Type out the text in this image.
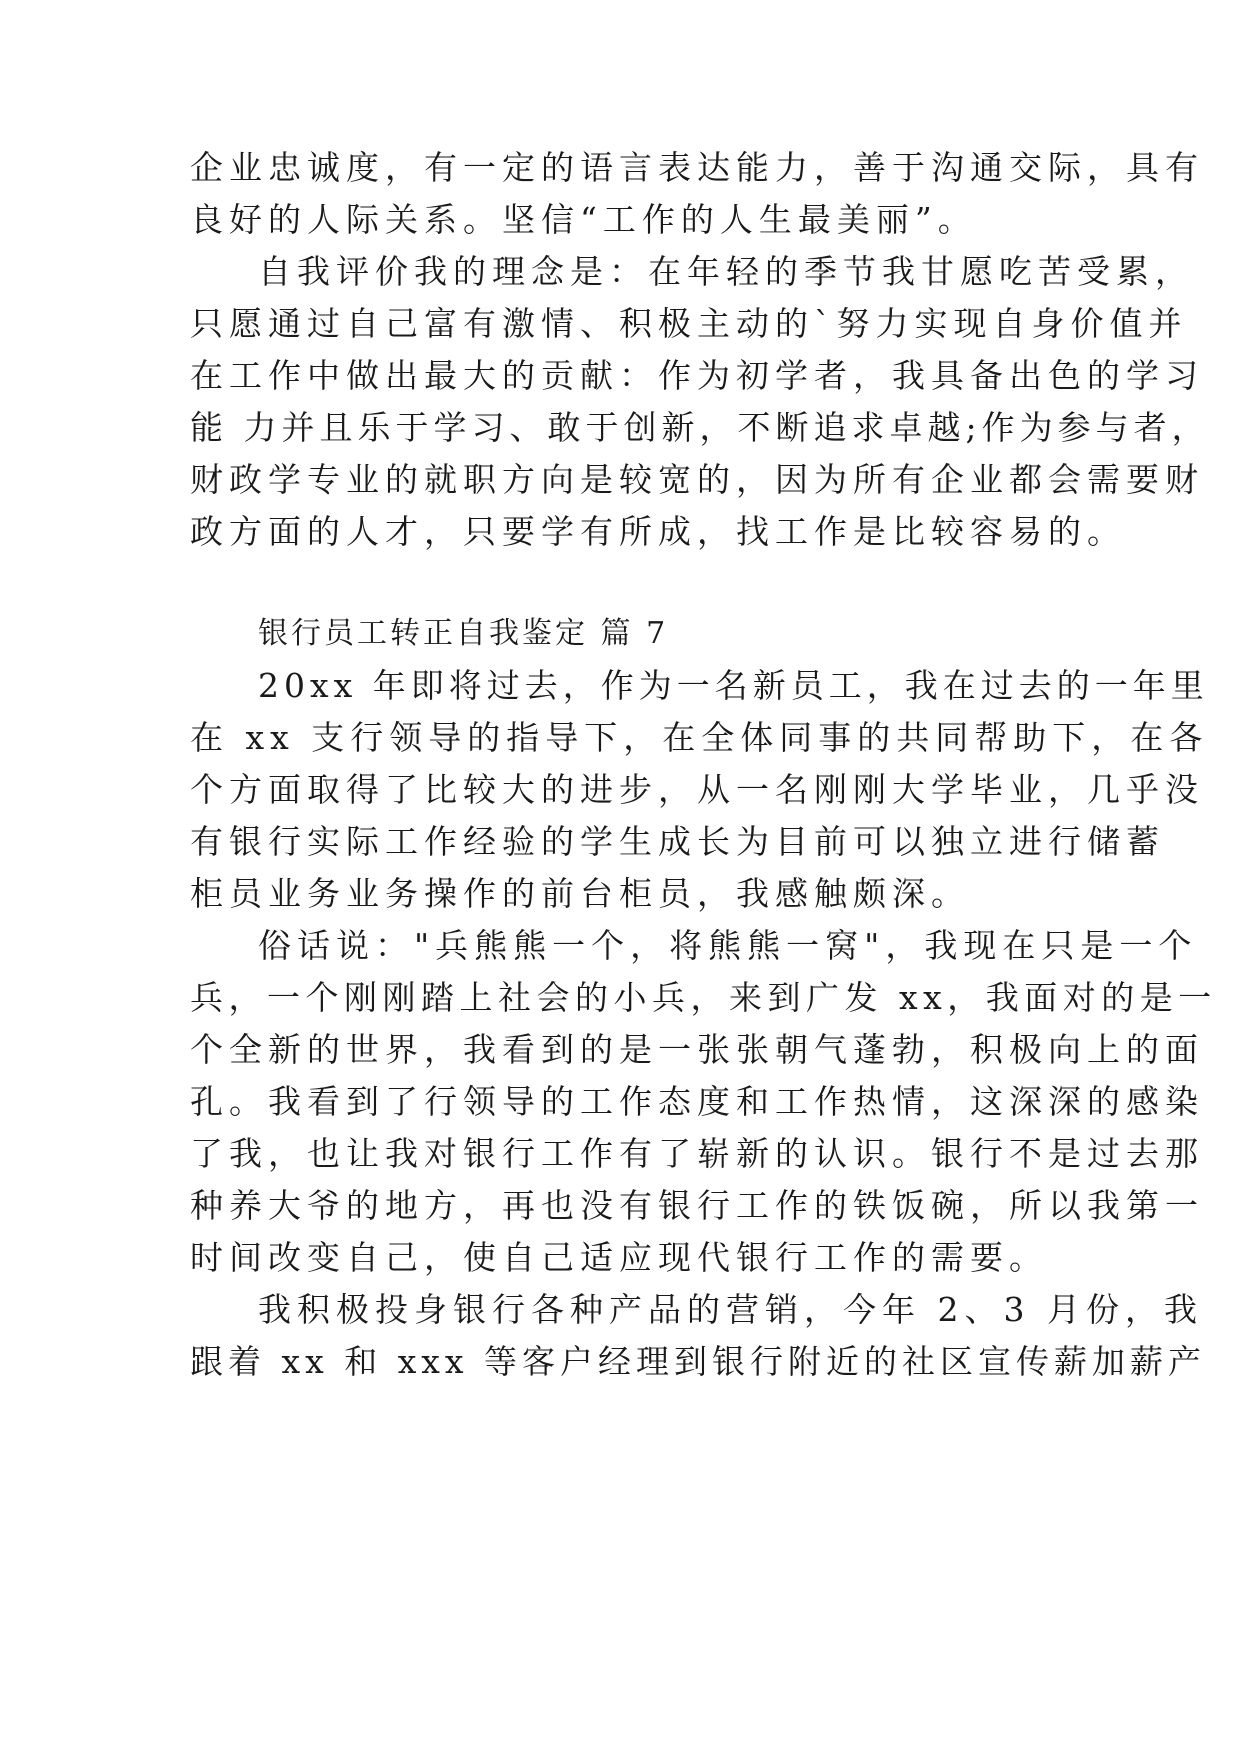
企业忠诚度，有一定的语言表达能力，善于沟通交际，具有
良好的人际关系。坚信“工作的人生最美丽”。
自我评价我的理念是：在年轻的季节我甘愿吃苦受累，
只愿通过自己富有激情、积极主动的`努力实现自身价值并
在工作中做出最大的贡献：作为初学者，我具备出色的学习
能 力并且乐于学习、敢于创新，不断追求卓越;作为参与者，
财政学专业的就职方向是较宽的，因为所有企业都会需要财
政方面的人才，只要学有所成，找工作是比较容易的。
银行员工转正自我鉴定 篇 7
20xx 年即将过去，作为一名新员工，我在过去的一年里
在 xx 支行领导的指导下，在全体同事的共同帮助下，在各
个方面取得了比较大的进步，从一名刚刚大学毕业，几乎没
有银行实际工作经验的学生成长为目前可以独立进行储蓄
柜员业务业务操作的前台柜员，我感触颇深。
俗话说："兵熊熊一个，将熊熊一窝"，我现在只是一个
兵，一个刚刚踏上社会的小兵，来到广发 xx，我面对的是一
个全新的世界，我看到的是一张张朝气蓬勃，积极向上的面
孔。我看到了行领导的工作态度和工作热情，这深深的感染
了我，也让我对银行工作有了崭新的认识。银行不是过去那
种养大爷的地方，再也没有银行工作的铁饭碗，所以我第一
时间改变自己，使自己适应现代银行工作的需要。
我积极投身银行各种产品的营销，今年 2、3 月份，我
跟着 xx 和 xxx 等客户经理到银行附近的社区宣传薪加薪产
